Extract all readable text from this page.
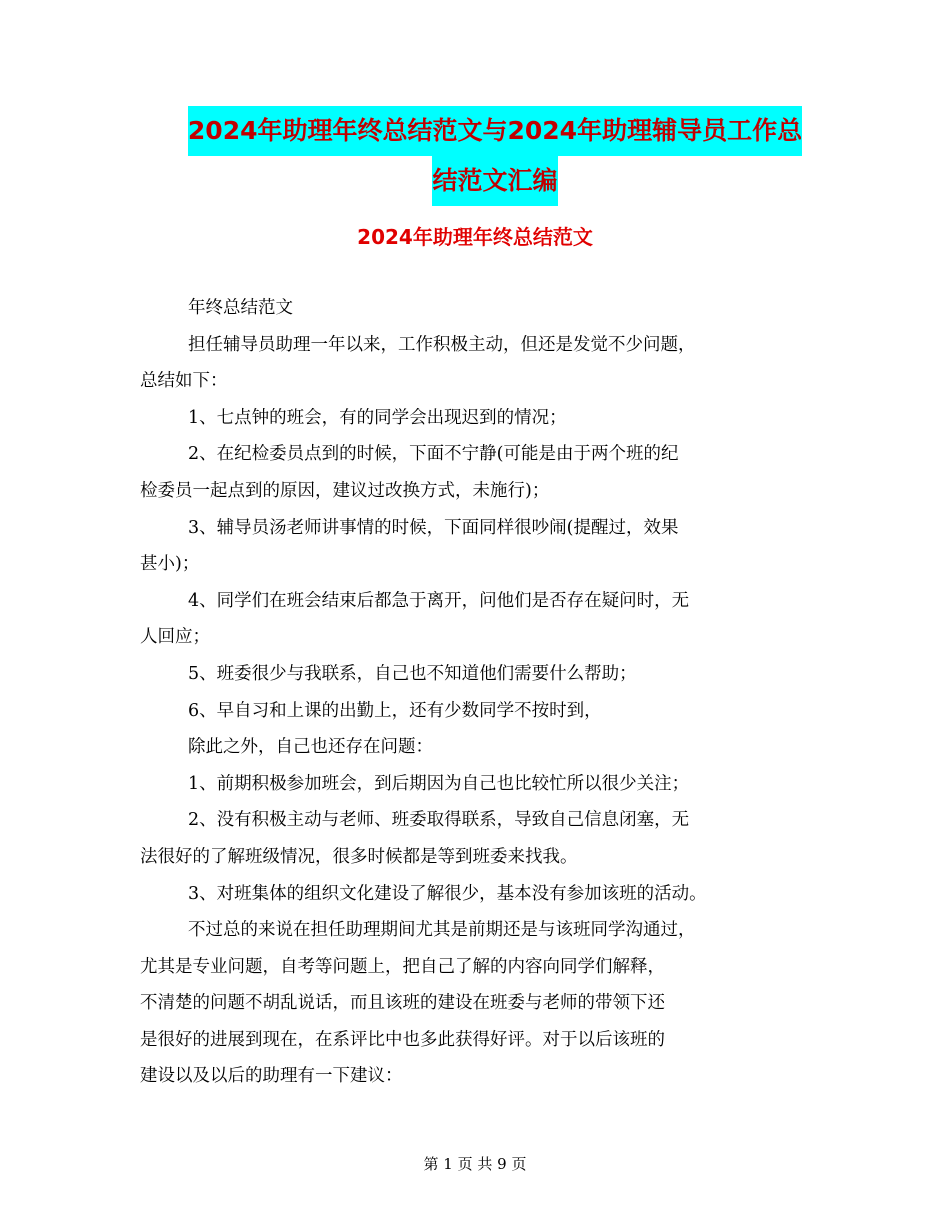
2024年助理年终总结范文与2024年助理辅导员工作总
结范文汇编
2024年助理年终总结范文

年终总结范文

担任辅导员助理一年以来，工作积极主动，但还是发觉不少问题，

总结如下：

1、七点钟的班会，有的同学会出现迟到的情况；

2、在纪检委员点到的时候，下面不宁静(可能是由于两个班的纪

检委员一起点到的原因，建议过改换方式，未施行)；

3、辅导员汤老师讲事情的时候，下面同样很吵闹(提醒过，效果

甚小)；

4、同学们在班会结束后都急于离开，问他们是否存在疑问时，无

人回应；

5、班委很少与我联系，自己也不知道他们需要什么帮助；

6、早自习和上课的出勤上，还有少数同学不按时到，

除此之外，自己也还存在问题：

1、前期积极参加班会，到后期因为自己也比较忙所以很少关注；

2、没有积极主动与老师、班委取得联系，导致自己信息闭塞，无

法很好的了解班级情况，很多时候都是等到班委来找我。

3、对班集体的组织文化建设了解很少，基本没有参加该班的活动。

不过总的来说在担任助理期间尤其是前期还是与该班同学沟通过，

尤其是专业问题，自考等问题上，把自己了解的内容向同学们解释，

不清楚的问题不胡乱说话，而且该班的建设在班委与老师的带领下还

是很好的进展到现在，在系评比中也多此获得好评。对于以后该班的

建设以及以后的助理有一下建议：

第 1 页 共 9 页
